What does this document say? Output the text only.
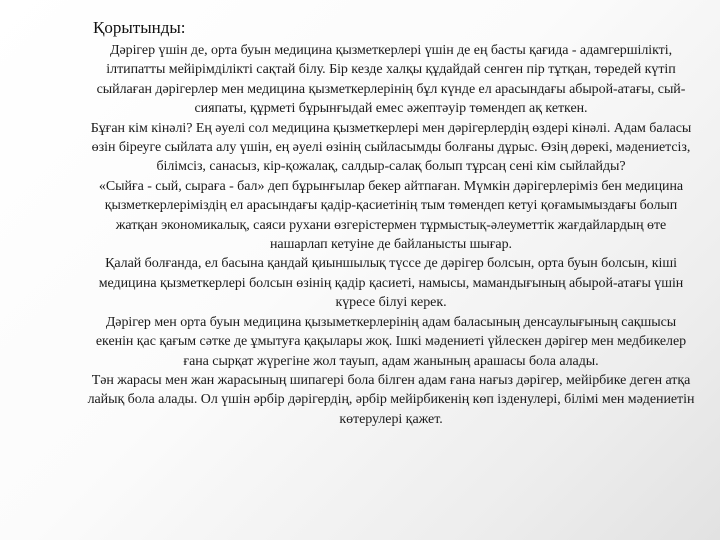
Қорытынды:

Дәрігер үшін де, орта буын медицина қызметкерлері үшін де ең басты қағида - адамгершілікті, ілтипатты мейірімділікті сақтай білу. Бір кезде халқы құдайдай сенген пір тұтқан, төредей күтіп сыйлаған дәрігерлер мен медицина қызметкерлерінің бұл күнде ел арасындағы абырой-атағы, сый-сияпаты, құрметі бұрынғыдай емес әжептәуір төмендеп ақ кеткен.

Бұған кім кінәлі? Ең әуелі сол медицина қызметкерлері мен дәрігерлердің өздері кінәлі. Адам баласы өзін біреуге сыйлата алу үшін, ең әуелі өзінің сыйласымды болғаны дұрыс. Өзің дөрекі, мәдениетсіз, білімсіз, санасыз, кір-қожалақ, салдыр-салақ болып тұрсаң сені кім сыйлайды?

«Сыйға - сый, сыраға - бал» деп бұрынғылар бекер айтпаған. Мүмкін дәрігерлеріміз бен медицина қызметкерлеріміздің ел арасындағы қадір-қасиетінің тым төмендеп кетуі қоғамымыздағы болып жатқан экономикалық, саяси рухани өзгерістермен тұрмыстық-әлеуметтік жағдайлардың өте нашарлап кетуіне де байланысты шығар.

Қалай болғанда, ел басына қандай қиыншылық түссе де дәрігер болсын, орта буын болсын, кіші медицина қызметкерлері болсын өзінің қадір қасиеті, намысы, мамандығының абырой-атағы үшін күресе білуі керек.

Дәрігер мен орта буын медицина қызыметкерлерінің адам баласының денсаулығының сақшысы екенін қас қағым сәтке де ұмытуға қақылары жоқ. Ішкі мәдениеті үйлескен дәрігер мен медбикелер ғана сырқат жүрегіне жол тауып, адам жанының арашасы бола алады.

Тән жарасы мен жан жарасының шипагері бола білген адам ғана нағыз дәрігер, мейірбике деген атқа лайық бола алады. Ол үшін әрбір дәрігердің, әрбір мейірбикенің көп ізденулері, білімі мен мәдениетін көтерулері қажет.
